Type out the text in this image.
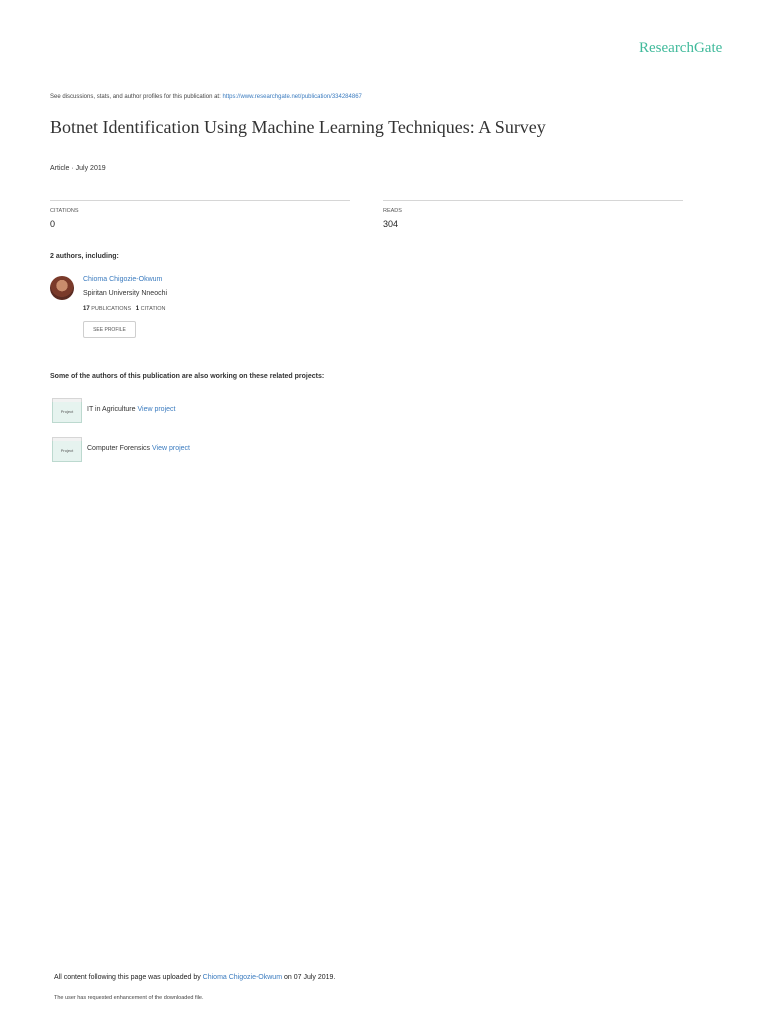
ResearchGate
See discussions, stats, and author profiles for this publication at: https://www.researchgate.net/publication/334284867
Botnet Identification Using Machine Learning Techniques: A Survey
Article · July 2019
CITATIONS
0
READS
304
2 authors, including:
Chioma Chigozie-Okwum
Spiritan University Nneochi
17 PUBLICATIONS 1 CITATION
SEE PROFILE
Some of the authors of this publication are also working on these related projects:
Project	IT in Agriculture View project
Project	Computer Forensics View project
All content following this page was uploaded by Chioma Chigozie-Okwum on 07 July 2019.
The user has requested enhancement of the downloaded file.
